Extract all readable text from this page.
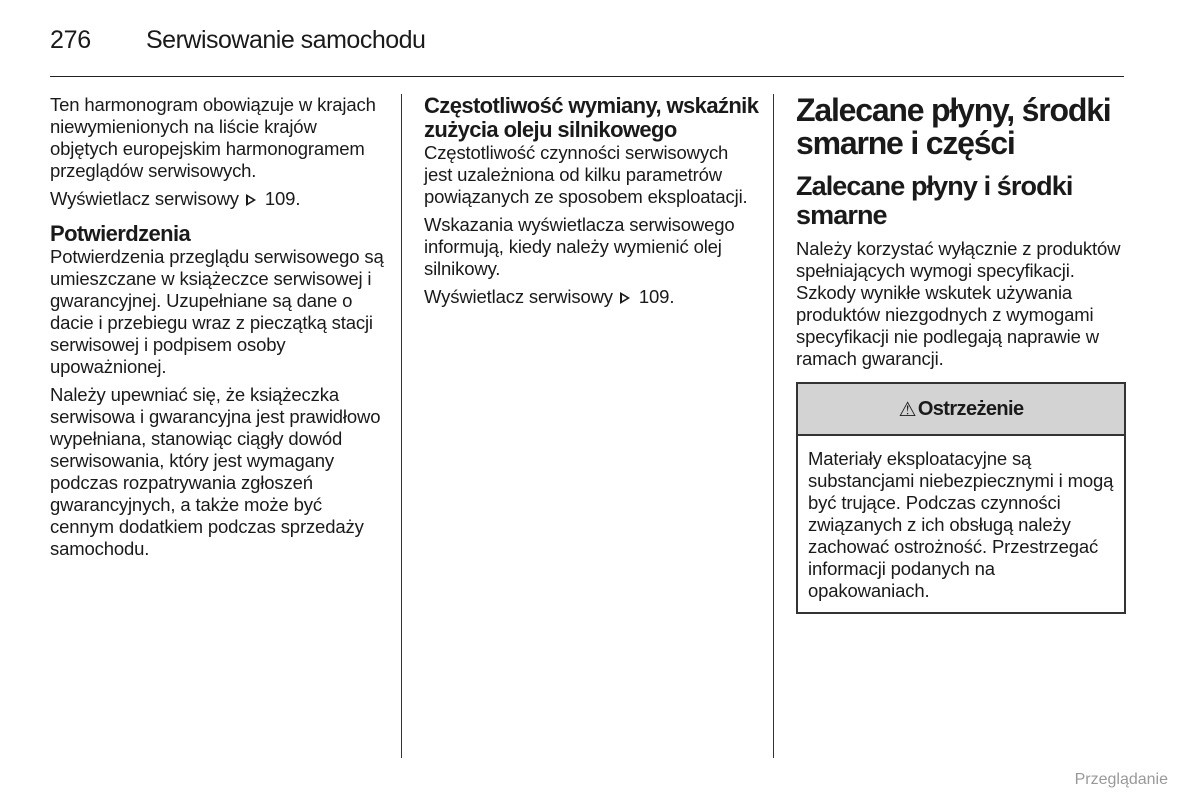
276 Serwisowanie samochodu

Ten harmonogram obowiązuje w krajach niewymienionych na liście krajów objętych europejskim harmonogramem przeglądów serwisowych.

Wyświetlacz serwisowy 109.

Potwierdzenia

Potwierdzenia przeglądu serwisowego są umieszczane w książeczce serwisowej i gwarancyjnej. Uzupełniane są dane o dacie i przebiegu wraz z pieczątką stacji serwisowej i podpisem osoby upoważnionej.

Należy upewniać się, że książeczka serwisowa i gwarancyjna jest prawidłowo wypełniana, stanowiąc ciągły dowód serwisowania, który jest wymagany podczas rozpatrywania zgłoszeń gwarancyjnych, a także może być cennym dodatkiem podczas sprzedaży samochodu.

Częstotliwość wymiany, wskaźnik zużycia oleju silnikowego

Częstotliwość czynności serwisowych jest uzależniona od kilku parametrów powiązanych ze sposobem eksploatacji.

Wskazania wyświetlacza serwisowego informują, kiedy należy wymienić olej silnikowy.

Wyświetlacz serwisowy 109.

Zalecane płyny, środki smarne i części
Zalecane płyny i środki smarne

Należy korzystać wyłącznie z produktów spełniających wymogi specyfikacji. Szkody wynikłe wskutek używania produktów niezgodnych z wymogami specyfikacji nie podlegają naprawie w ramach gwarancji.

⚠ Ostrzeżenie

Materiały eksploatacyjne są substancjami niebezpiecznymi i mogą być trujące. Podczas czynności związanych z ich obsługą należy zachować ostrożność. Przestrzegać informacji podanych na opakowaniach.

Przeglądanie
